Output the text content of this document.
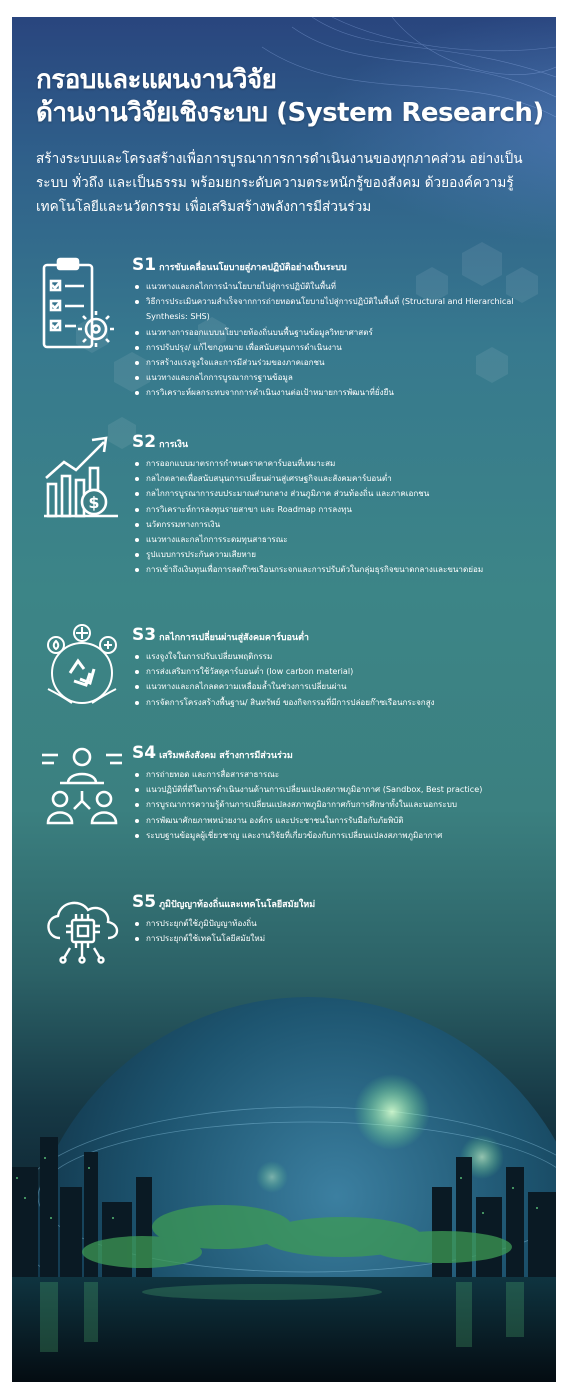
กรอบและแผนงานวิจัย
ด้านงานวิจัยเชิงระบบ (System Research)

สร้างระบบและโครงสร้างเพื่อการบูรณาการการดำเนินงานของทุกภาคส่วน อย่างเป็นระบบ ทั่วถึง และเป็นธรรม พร้อมยกระดับความตระหนักรู้ของสังคม ด้วยองค์ความรู้ เทคโนโลยีและนวัตกรรม เพื่อเสริมสร้างพลังการมีส่วนร่วม

S1 การขับเคลื่อนนโยบายสู่ภาคปฏิบัติอย่างเป็นระบบ
แนวทางและกลไกการนำนโยบายไปสู่การปฏิบัติในพื้นที่
วิธีการประเมินความสำเร็จจากการถ่ายทอดนโยบายไปสู่การปฏิบัติในพื้นที่ (Structural and Hierarchical Synthesis: SHS)
แนวทางการออกแบบนโยบายท้องถิ่นบนพื้นฐานข้อมูลวิทยาศาสตร์
การปรับปรุง/ แก้ไขกฎหมาย เพื่อสนับสนุนการดำเนินงาน
การสร้างแรงจูงใจและการมีส่วนร่วมของภาคเอกชน
แนวทางและกลไกการบูรณาการฐานข้อมูล
การวิเคราะห์ผลกระทบจากการดำเนินงานต่อเป้าหมายการพัฒนาที่ยั่งยืน
$
S2 การเงิน
การออกแบบมาตรการกำหนดราคาคาร์บอนที่เหมาะสม
กลไกตลาดเพื่อสนับสนุนการเปลี่ยนผ่านสู่เศรษฐกิจและสังคมคาร์บอนต่ำ
กลไกการบูรณาการงบประมาณส่วนกลาง ส่วนภูมิภาค ส่วนท้องถิ่น และภาคเอกชน
การวิเคราะห์การลงทุนรายสาขา และ Roadmap การลงทุน
นวัตกรรมทางการเงิน
แนวทางและกลไกการระดมทุนสาธารณะ
รูปแบบการประกันความเสียหาย
การเข้าถึงเงินทุนเพื่อการลดก๊าซเรือนกระจกและการปรับตัวในกลุ่มธุรกิจขนาดกลางและขนาดย่อม
S3 กลไกการเปลี่ยนผ่านสู่สังคมคาร์บอนต่ำ
แรงจูงใจในการปรับเปลี่ยนพฤติกรรม
การส่งเสริมการใช้วัสดุคาร์บอนต่ำ (low carbon material)
แนวทางและกลไกลดความเหลื่อมล้ำในช่วงการเปลี่ยนผ่าน
การจัดการโครงสร้างพื้นฐาน/ สินทรัพย์ ของกิจกรรมที่มีการปล่อยก๊าซเรือนกระจกสูง
S4 เสริมพลังสังคม สร้างการมีส่วนร่วม
การถ่ายทอด และการสื่อสารสาธารณะ
แนวปฏิบัติที่ดีในการดำเนินงานด้านการเปลี่ยนแปลงสภาพภูมิอากาศ (Sandbox, Best practice)
การบูรณาการความรู้ด้านการเปลี่ยนแปลงสภาพภูมิอากาศกับการศึกษาทั้งในและนอกระบบ
การพัฒนาศักยภาพหน่วยงาน องค์กร และประชาชนในการรับมือกับภัยพิบัติ
ระบบฐานข้อมูลผู้เชี่ยวชาญ และงานวิจัยที่เกี่ยวข้องกับการเปลี่ยนแปลงสภาพภูมิอากาศ
S5 ภูมิปัญญาท้องถิ่นและเทคโนโลยีสมัยใหม่
การประยุกต์ใช้ภูมิปัญญาท้องถิ่น
การประยุกต์ใช้เทคโนโลยีสมัยใหม่
